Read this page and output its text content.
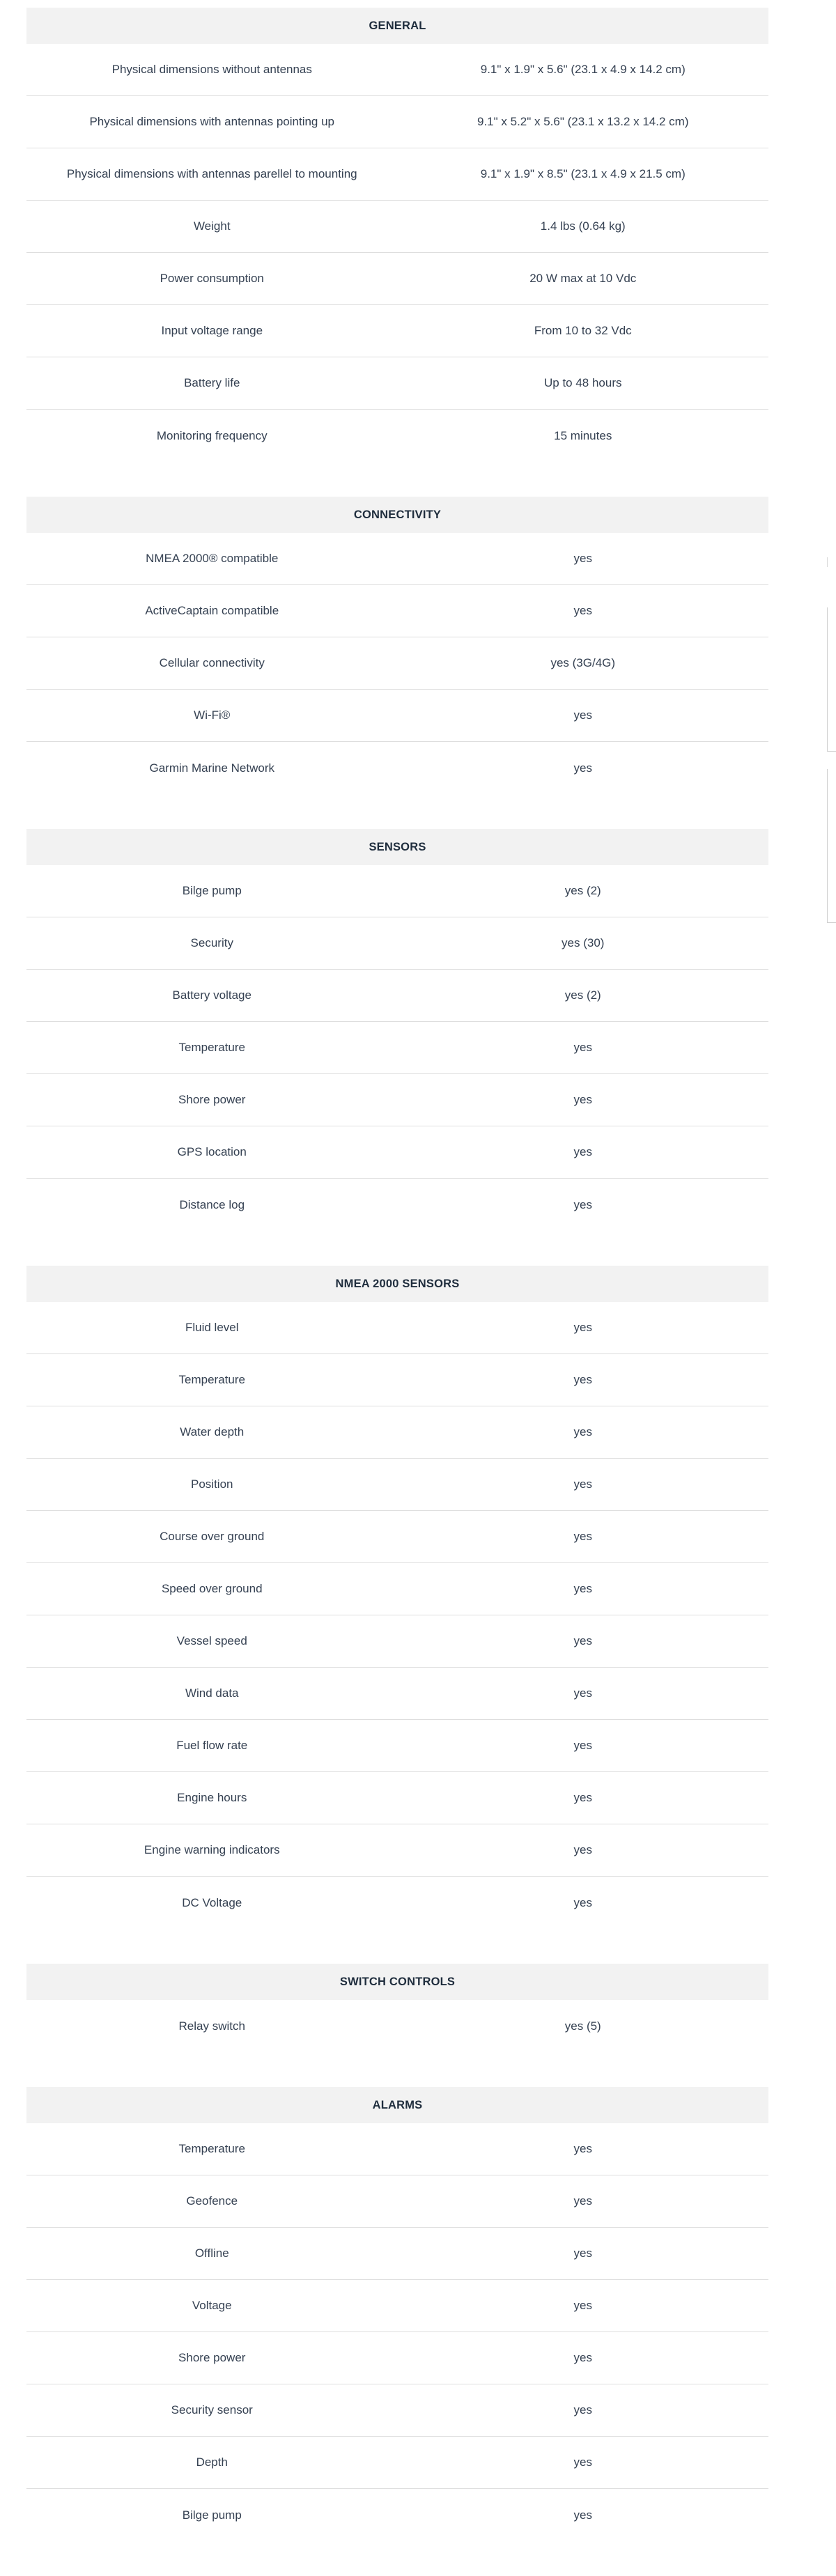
GENERAL
Physical dimensions without antennas	9.1" x 1.9" x 5.6" (23.1 x 4.9 x 14.2 cm)
Physical dimensions with antennas pointing up	9.1" x 5.2" x 5.6" (23.1 x 13.2 x 14.2 cm)
Physical dimensions with antennas parellel to mounting	9.1" x 1.9" x 8.5" (23.1 x 4.9 x 21.5 cm)
Weight	1.4 lbs (0.64 kg)
Power consumption	20 W max at 10 Vdc
Input voltage range	From 10 to 32 Vdc
Battery life	Up to 48 hours
Monitoring frequency	15 minutes
CONNECTIVITY
NMEA 2000® compatible	yes
ActiveCaptain compatible	yes
Cellular connectivity	yes (3G/4G)
Wi-Fi®	yes
Garmin Marine Network	yes
SENSORS
Bilge pump	yes (2)
Security	yes (30)
Battery voltage	yes (2)
Temperature	yes
Shore power	yes
GPS location	yes
Distance log	yes
NMEA 2000 SENSORS
Fluid level	yes
Temperature	yes
Water depth	yes
Position	yes
Course over ground	yes
Speed over ground	yes
Vessel speed	yes
Wind data	yes
Fuel flow rate	yes
Engine hours	yes
Engine warning indicators	yes
DC Voltage	yes
SWITCH CONTROLS
Relay switch	yes (5)
ALARMS
Temperature	yes
Geofence	yes
Offline	yes
Voltage	yes
Shore power	yes
Security sensor	yes
Depth	yes
Bilge pump	yes
